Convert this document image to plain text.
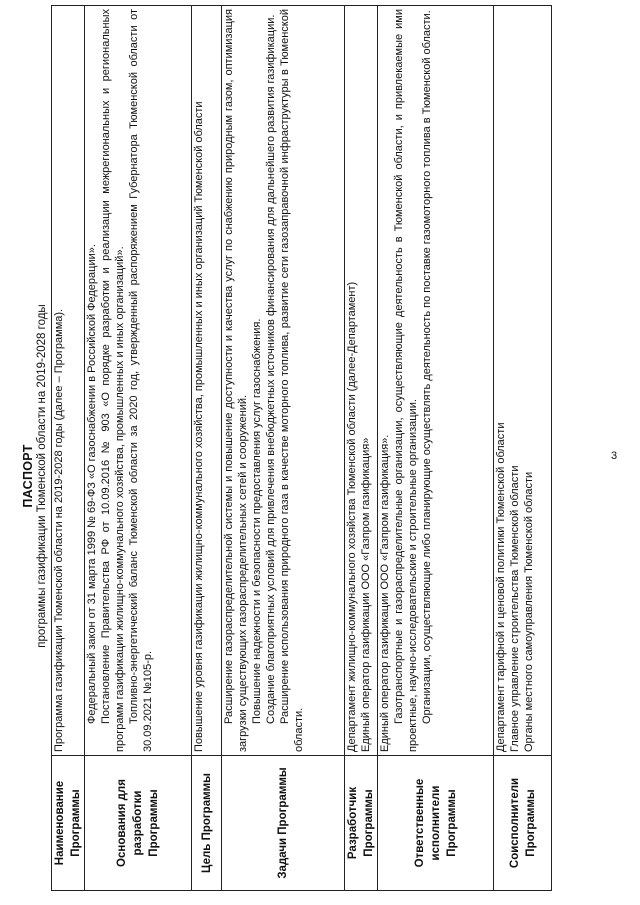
3
ПАСПОРТ программы газификации Тюменской области на 2019-2028 годы
Наименование Программы	Программа газификации Тюменской области на 2019-2028 годы (далее – Программа).

Основания для разработки Программы	Федеральный закон от 31 марта 1999 № 69-ФЗ «О газоснабжении в Российской Федерации». Постановление Правительства РФ от 10.09.2016 № 903 «О порядке разработки и реализации межрегиональных и региональных программ газификации жилищно-коммунального хозяйства, промышленных и иных организаций». Топливно-энергетический баланс Тюменской области за 2020 год, утвержденный распоряжением Губернатора Тюменской области от 30.09.2021 №105-р.

Цель Программы	Повышение уровня газификации жилищно-коммунального хозяйства, промышленных и иных организаций Тюменской области

Задачи Программы	Расширение газораспределительной системы и повышение доступности и качества услуг по снабжению природным газом, оптимизация загрузки существующих газораспределительных сетей и сооружений. Повышение надежности и безопасности предоставления услуг газоснабжения. Создание благоприятных условий для привлечения внебюджетных источников финансирования для дальнейшего развития газификации. Расширение использования природного газа в качестве моторного топлива, развитие сети газозаправочной инфраструктуры в Тюменской области.

Разработчик Программы	Департамент жилищно-коммунального хозяйства Тюменской области (далее-Департамент) Единый оператор газификации ООО «Газпром газификация»

Ответственные исполнители Программы	Единый оператор газификации ООО «Газпром газификация». Газотранспортные и газораспределительные организации, осуществляющие деятельность в Тюменской области, и привлекаемые ими проектные, научно-исследовательские и строительные организации. Организации, осуществляющие либо планирующие осуществлять деятельность по поставке газомоторного топлива в Тюменской области.

Соисполнители Программы	Департамент тарифной и ценовой политики Тюменской области Главное управление строительства Тюменской области Органы местного самоуправления Тюменской области
